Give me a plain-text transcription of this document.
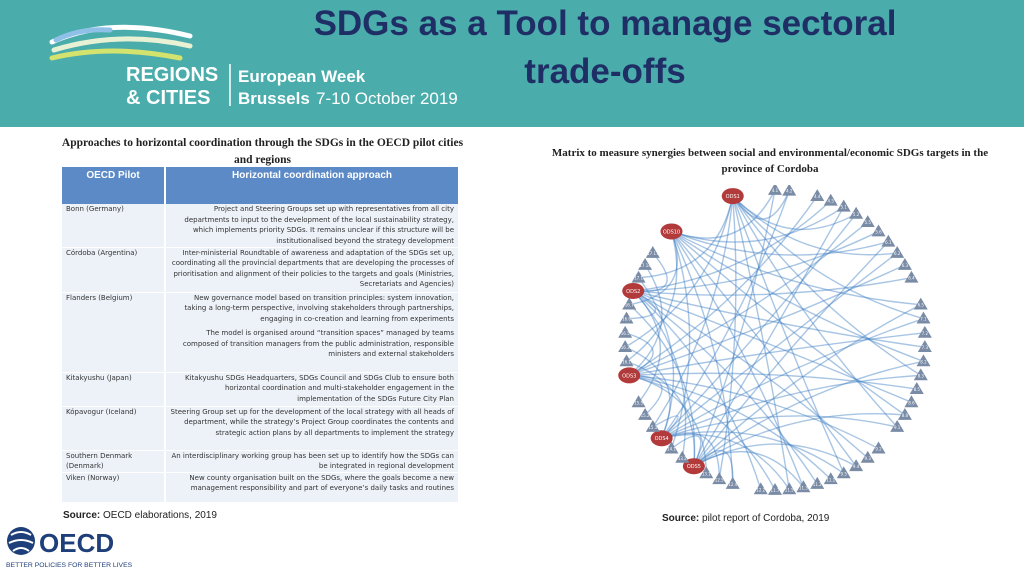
REGIONS
& CITIES
European Week
Brussels 7-10 October 2019
SDGs as a Tool to manage sectoral trade-offs
Approaches to horizontal coordination through the SDGs in the OECD pilot cities and regions
OECD Pilot	Horizontal coordination approach
Bonn (Germany)	Project and Steering Groups set up with representatives from all city departments to input to the development of the local sustainability strategy, which implements priority SDGs. It remains unclear if this structure will be institutionalised beyond the strategy development
Córdoba (Argentina)	Inter-ministerial Roundtable of awareness and adaptation of the SDGs set up, coordinating all the provincial departments that are developing the processes of prioritisation and alignment of their policies to the targets and goals (Ministries, Secretariats and Agencies)
Flanders (Belgium)	New governance model based on transition principles: system innovation, taking a long-term perspective, involving stakeholders through partnerships, engaging in co-creation and learning from experiments
The model is organised around “transition spaces” managed by teams composed of transition managers from the public administration, responsible ministers and external stakeholders

Kitakyushu (Japan)	Kitakyushu SDGs Headquarters, SDGs Council and SDGs Club to ensure both horizontal coordination and multi-stakeholder engagement in the implementation of the SDGs Future City Plan
Kópavogur (Iceland)	Steering Group set up for the development of the local strategy with all heads of department, while the strategy’s Project Group coordinates the contents and strategic action plans by all departments to implement the strategy
Southern Denmark (Denmark)	An interdisciplinary working group has been set up to identify how the SDGs can be integrated in regional development
Viken (Norway)	New county organisation built on the SDGs, where the goals become a new management responsibility and part of everyone’s daily tasks and routines
Source: OECD elaborations, 2019
Matrix to measure synergies between social and environmental/economic SDGs targets in the province of Cordoba
4.1 4.2
4.4
4.5
5.1
5.2
5.5
5.6
6.1
6.2
6.3
6.4
6.5
7.1
7.2
7.3
8.2
8.3
8.5
8.6
8.8
9.1
9.2
9.3
9.4
9.5
11.1
11.2
11.3
11.5
11.7
12.2
12.4
12.5
13.1
ODS5
13.2
14.1
ODS4
15.1
15.2
15.5
ODS3
16.1
16.3
16.5
16.6
16.7
ODS2
17.1
17.14
17.17
ODS10
ODS1
Source: pilot report of Cordoba, 2019
OECD
BETTER POLICIES FOR BETTER LIVES
